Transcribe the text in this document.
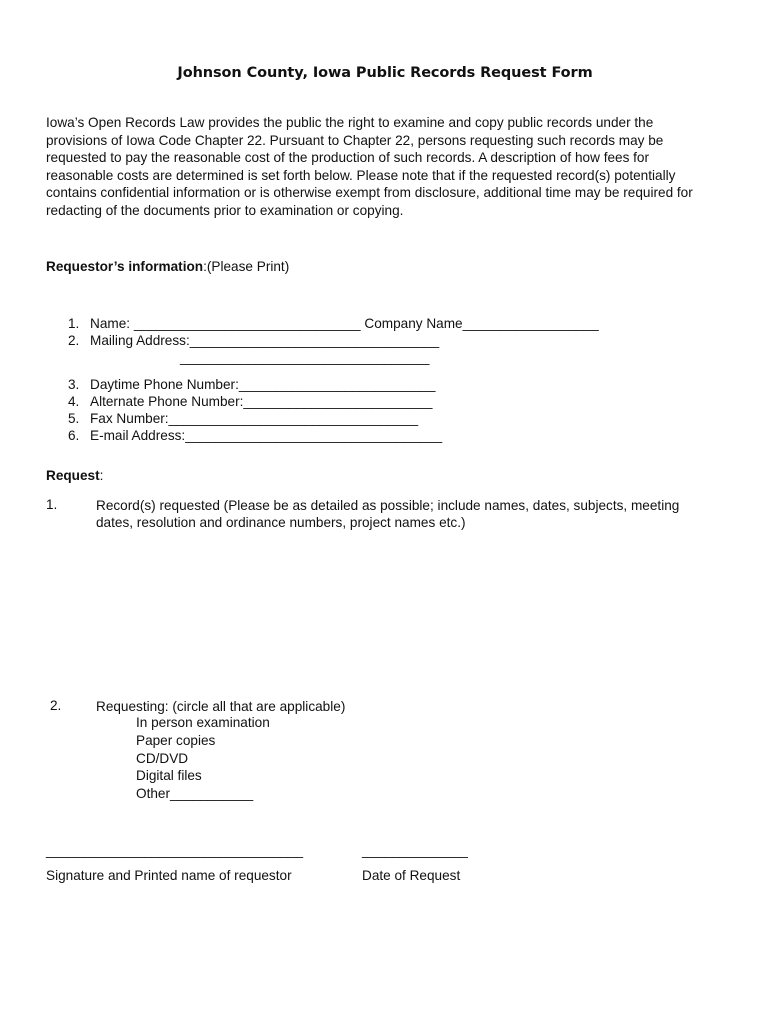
Johnson County, Iowa Public Records Request Form
Iowa’s Open Records Law provides the public the right to examine and copy public records under the
provisions of Iowa Code Chapter 22. Pursuant to Chapter 22, persons requesting such records may be
requested to pay the reasonable cost of the production of such records. A description of how fees for
reasonable costs are determined is set forth below. Please note that if the requested record(s) potentially
contains confidential information or is otherwise exempt from disclosure, additional time may be required for
redacting of the documents prior to examination or copying.
Requestor’s information:(Please Print)
1. Name: ______________________________ Company Name__________________
2. Mailing Address:_________________________________
_________________________________
3. Daytime Phone Number:__________________________
4. Alternate Phone Number:_________________________
5. Fax Number:_________________________________
6. E-mail Address:__________________________________
Request:
1.	Record(s) requested (Please be as detailed as possible; include names, dates, subjects, meeting
dates, resolution and ordinance numbers, project names etc.)
2.	Requesting: (circle all that are applicable)
In person examination
Paper copies
CD/DVD
Digital files
Other___________
__________________________________	______________
Signature and Printed name of requestor	Date of Request
